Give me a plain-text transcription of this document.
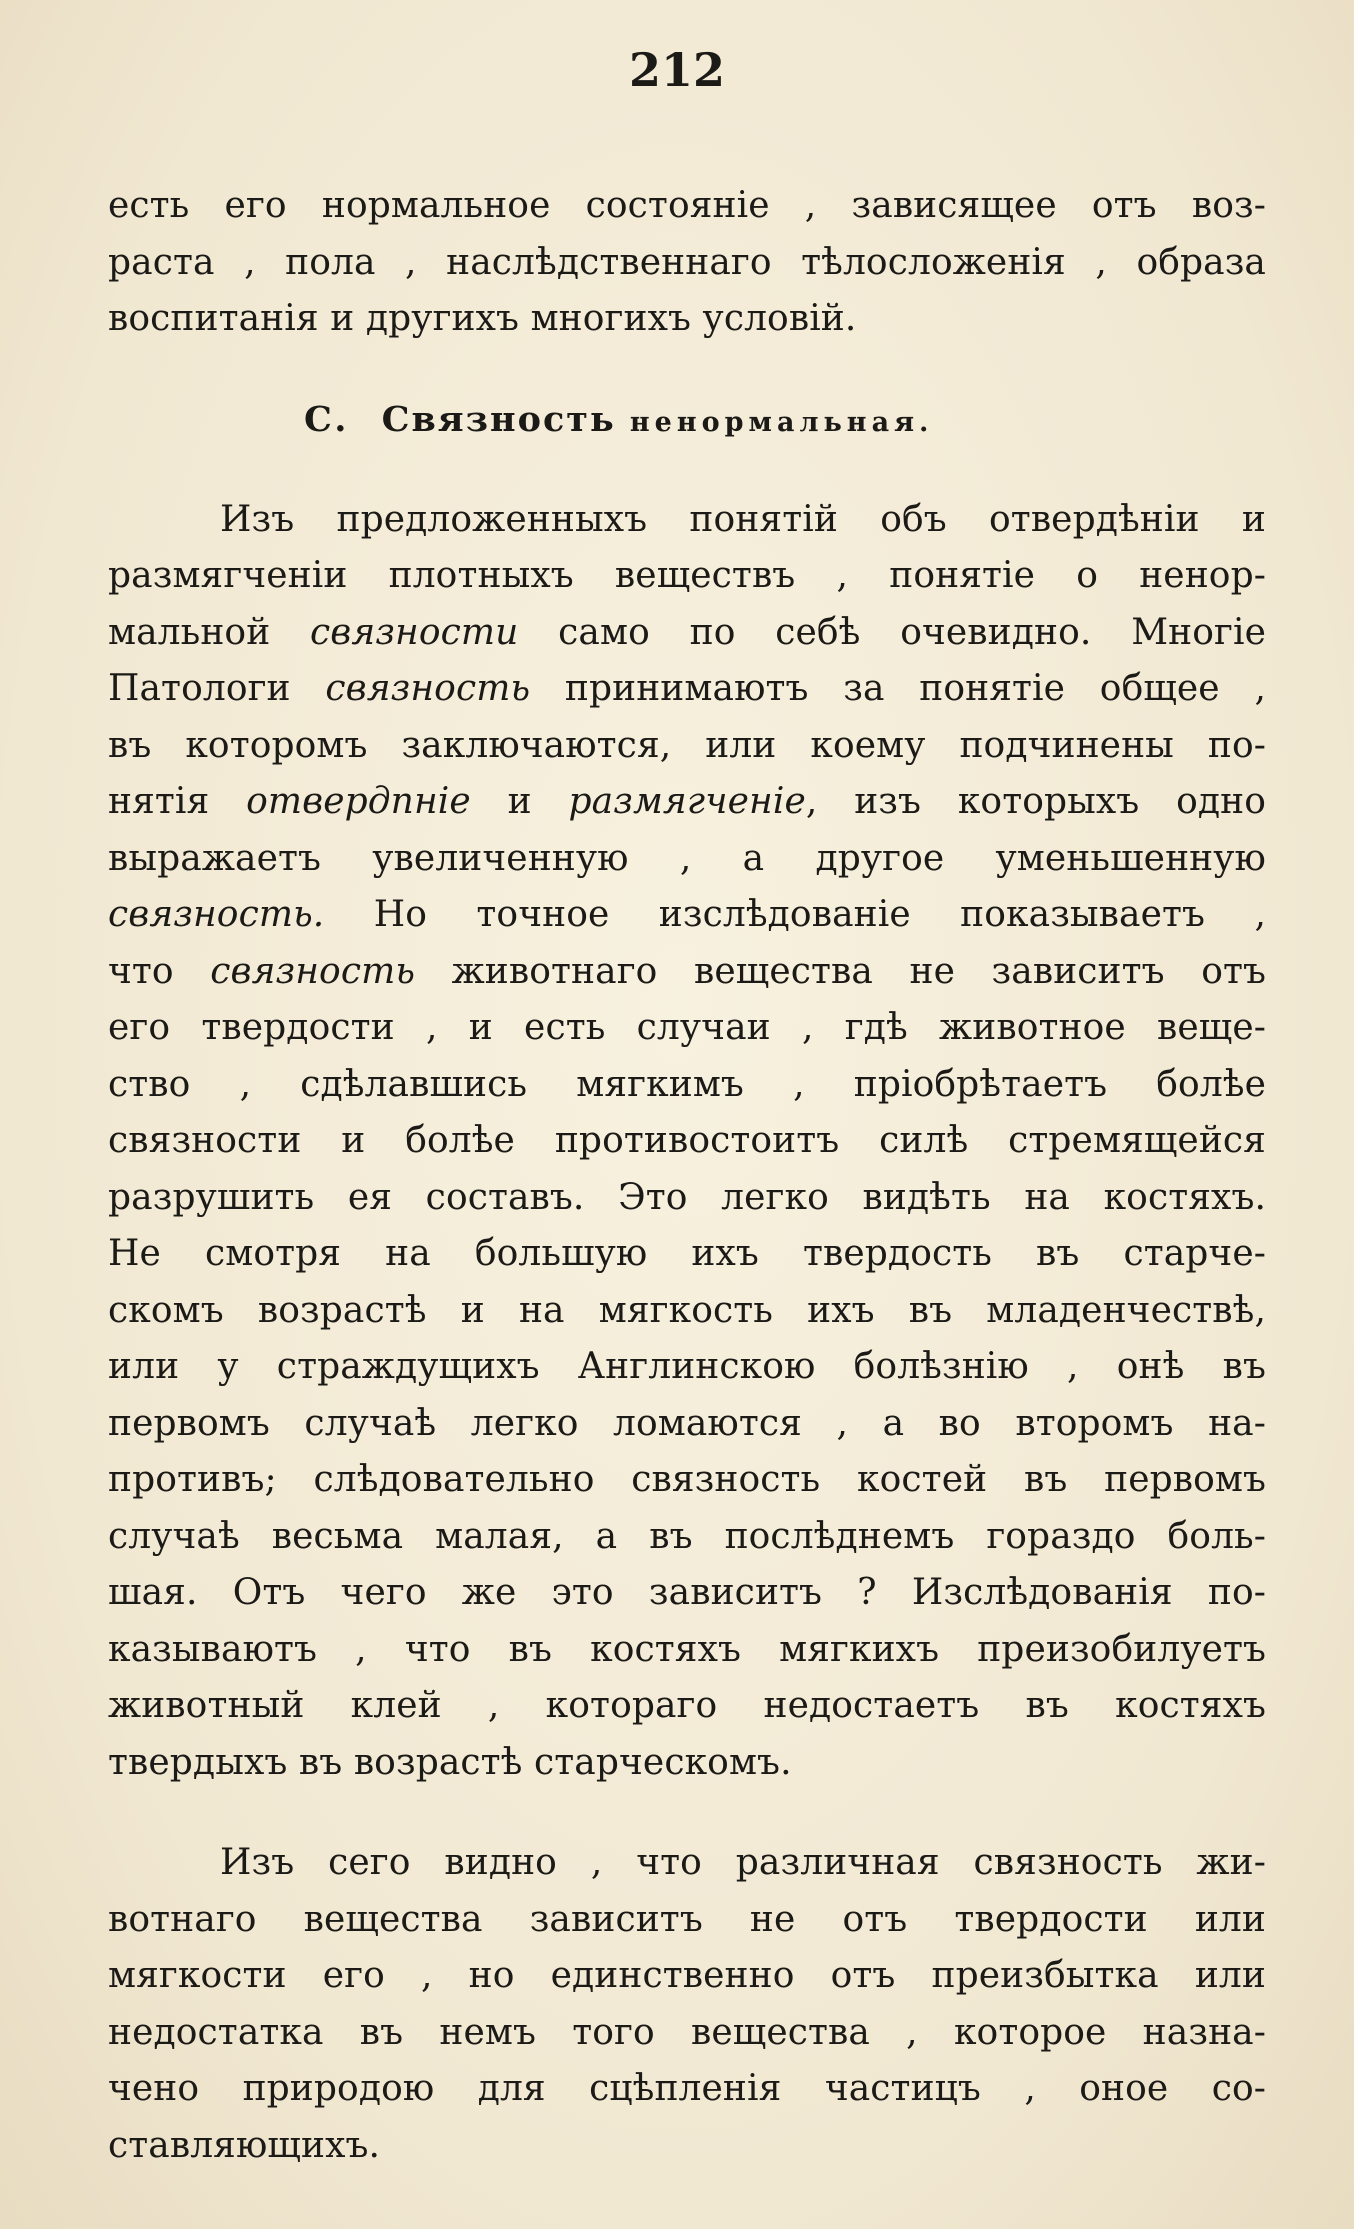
212
есть его нормальное состоянiе , зависящее отъ воз-
раста , пола , наслѣдственнаго тѣлосложенія , образа
воспитанія и другихъ многихъ условій.
C. Связность ненормальная.
Изъ предложенныхъ понятій объ отвердѣніи и
размягченіи плотныхъ веществъ , понятіе о ненор-
мальной связности само по себѣ очевидно. Многіе
Патологи связность принимаютъ за понятіе общее ,
въ которомъ заключаются, или коему подчинены по-
нятія отвердпніе и размягченіе, изъ которыхъ одно
выражаетъ увеличенную , а другое уменьшенную
связность. Но точное изслѣдованіе показываетъ ,
что связность животнаго вещества не зависитъ отъ
его твердости , и есть случаи , гдѣ животное веще-
ство , сдѣлавшись мягкимъ , пріобрѣтаетъ болѣе
связности и болѣе противостоитъ силѣ стремящейся
разрушить ея составъ. Это легко видѣть на костяхъ.
Не смотря на большую ихъ твердость въ старче-
скомъ возрастѣ и на мягкость ихъ въ младенчествѣ,
или у страждущихъ Англинскою болѣзнію , онѣ въ
первомъ случаѣ легко ломаются , а во второмъ на-
противъ; слѣдовательно связность костей въ первомъ
случаѣ весьма малая, а въ послѣднемъ гораздо боль-
шая. Отъ чего же это зависитъ ? Изслѣдованія по-
казываютъ , что въ костяхъ мягкихъ преизобилуетъ
животный клей , котораго недостаетъ въ костяхъ
твердыхъ въ возрастѣ старческомъ.
Изъ сего видно , что различная связность жи-
вотнаго вещества зависитъ не отъ твердости или
мягкости его , но единственно отъ преизбытка или
недостатка въ немъ того вещества , которое назна-
чено природою для сцѣпленія частицъ , оное со-
ставляющихъ.
